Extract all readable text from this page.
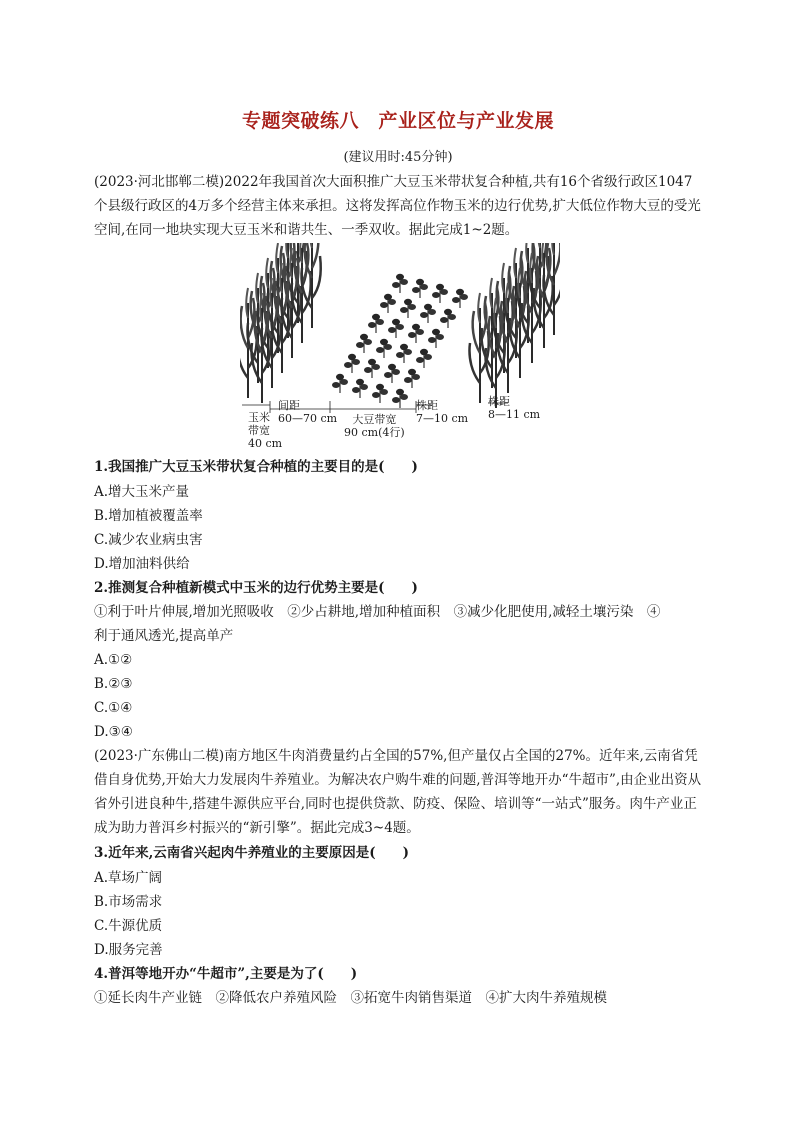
专题突破练八　产业区位与产业发展
(建议用时:45分钟)
(2023·河北邯郸二模)2022年我国首次大面积推广大豆玉米带状复合种植,共有16个省级行政区1047个县级行政区的4万多个经营主体来承担。这将发挥高位作物玉米的边行优势,扩大低位作物大豆的受光空间,在同一地块实现大豆玉米和谐共生、一季双收。据此完成1~2题。
玉米
带宽
40 cm
间距
60—70 cm	大豆带宽
90 cm(4行)
株距
7—10 cm
株距
8—11 cm
1.我国推广大豆玉米带状复合种植的主要目的是(　　)
A.增大玉米产量
B.增加植被覆盖率
C.减少农业病虫害
D.增加油料供给
2.推测复合种植新模式中玉米的边行优势主要是(　　)
①利于叶片伸展,增加光照吸收　②少占耕地,增加种植面积　③减少化肥使用,减轻土壤污染　④
利于通风透光,提高单产
A.①②
B.②③
C.①④
D.③④
(2023·广东佛山二模)南方地区牛肉消费量约占全国的57%,但产量仅占全国的27%。近年来,云南省凭借自身优势,开始大力发展肉牛养殖业。为解决农户购牛难的问题,普洱等地开办“牛超市”,由企业出资从省外引进良种牛,搭建牛源供应平台,同时也提供贷款、防疫、保险、培训等“一站式”服务。肉牛产业正成为助力普洱乡村振兴的“新引擎”。据此完成3~4题。
3.近年来,云南省兴起肉牛养殖业的主要原因是(　　)
A.草场广阔
B.市场需求
C.牛源优质
D.服务完善
4.普洱等地开办“牛超市”,主要是为了(　　)
①延长肉牛产业链　②降低农户养殖风险　③拓宽牛肉销售渠道　④扩大肉牛养殖规模
